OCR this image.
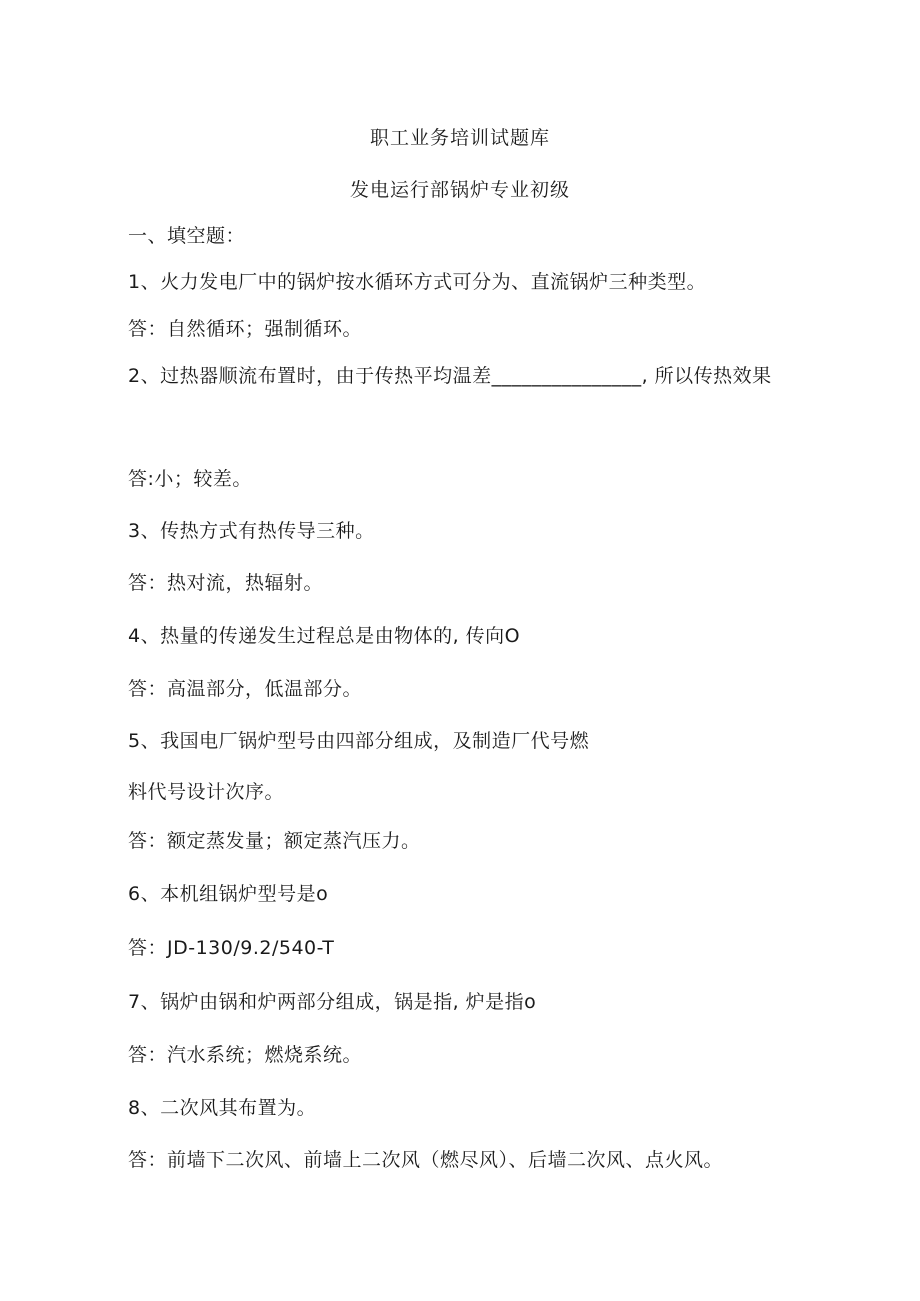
职工业务培训试题库
发电运行部锅炉专业初级
一、填空题：
1、火力发电厂中的锅炉按水循环方式可分为、直流锅炉三种类型。
答：自然循环；强制循环。
2、过热器顺流布置时，由于传热平均温差_______________, 所以传热效果
答:小；较差。
3、传热方式有热传导三种。
答：热对流，热辐射。
4、热量的传递发生过程总是由物体的, 传向O
答：高温部分，低温部分。
5、我国电厂锅炉型号由四部分组成，及制造厂代号燃
料代号设计次序。
答：额定蒸发量；额定蒸汽压力。
6、本机组锅炉型号是o
答：JD-130/9.2/540-T
7、锅炉由锅和炉两部分组成，锅是指, 炉是指o
答：汽水系统；燃烧系统。
8、二次风其布置为。
答：前墙下二次风、前墙上二次风（燃尽风）、后墙二次风、点火风。
